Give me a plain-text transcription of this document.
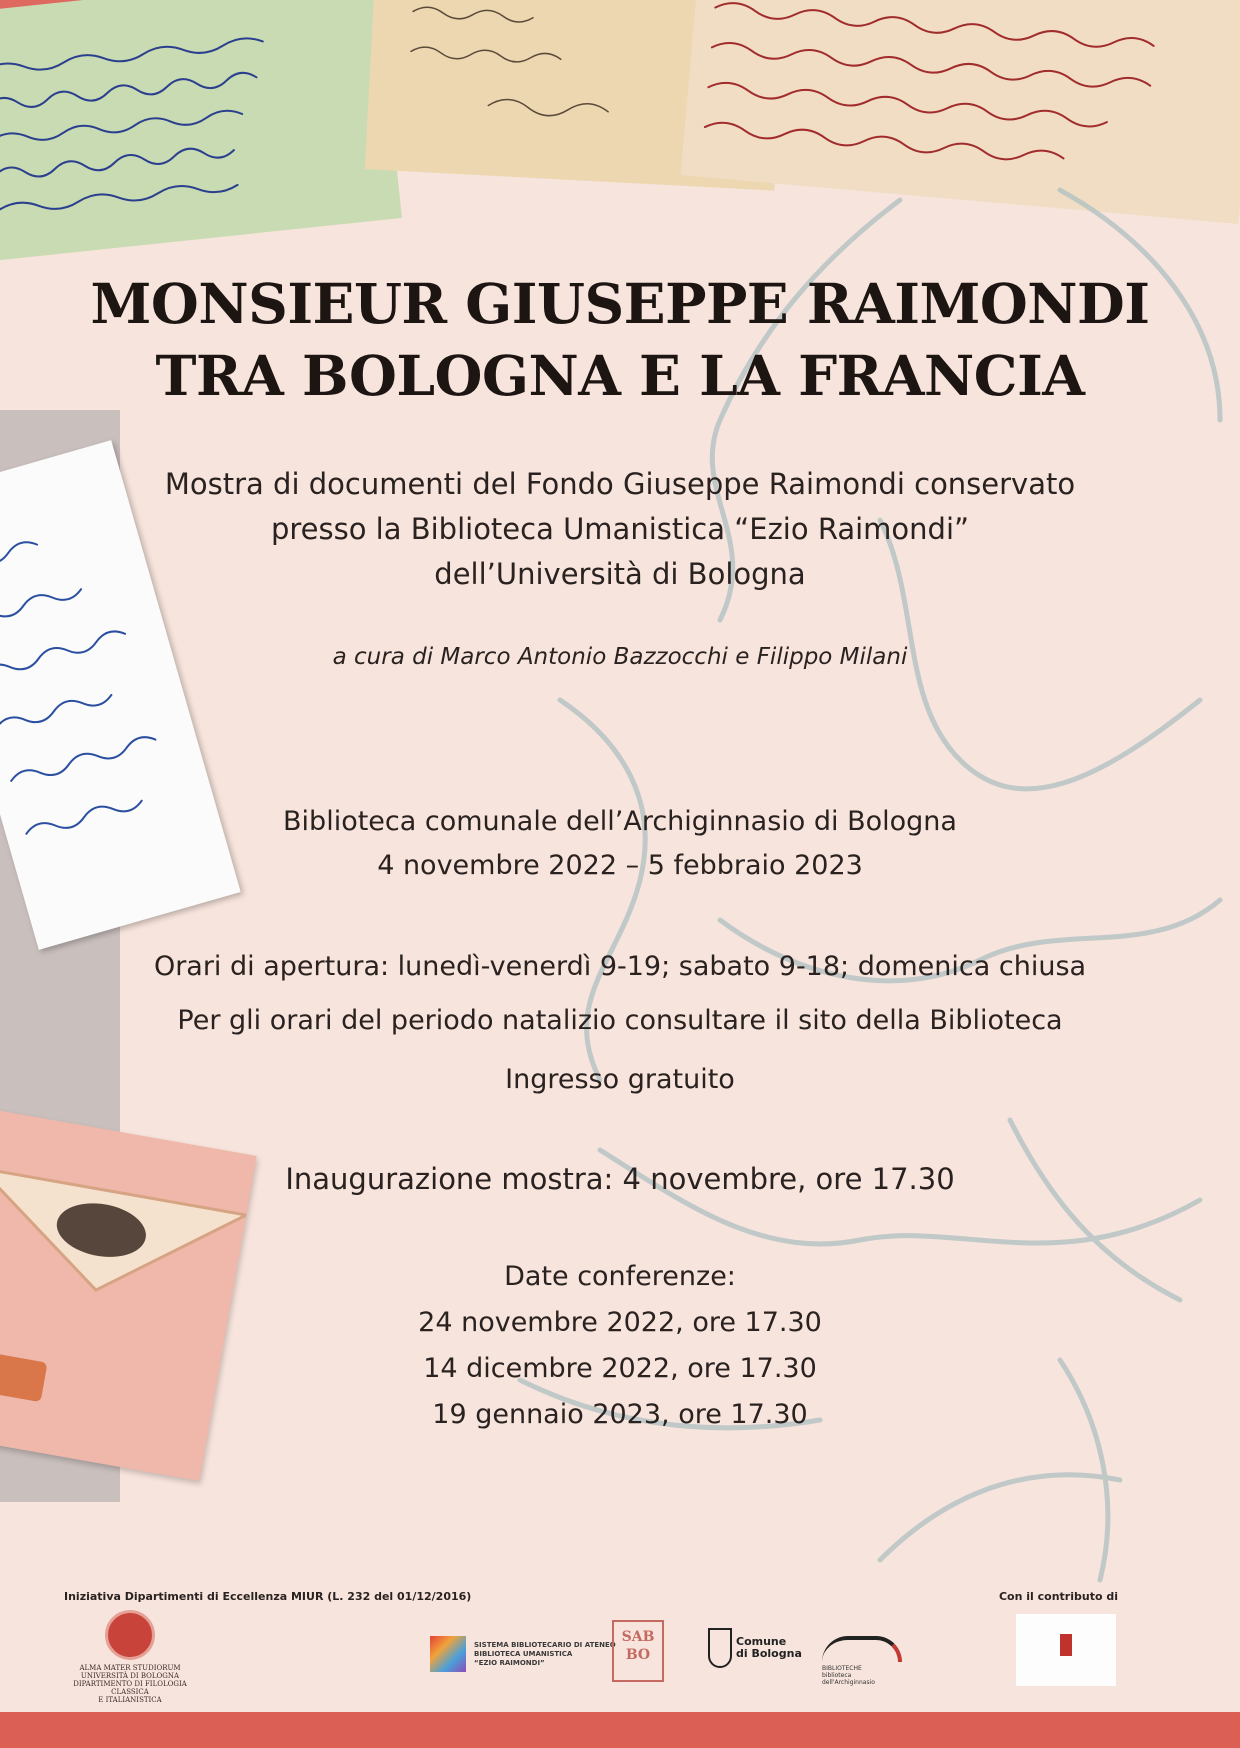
MONSIEUR GIUSEPPE RAIMONDI
TRA BOLOGNA E LA FRANCIA
Mostra di documenti del Fondo Giuseppe Raimondi conservato
presso la Biblioteca Umanistica “Ezio Raimondi”
dell’Università di Bologna
a cura di Marco Antonio Bazzocchi e Filippo Milani
Biblioteca comunale dell’Archiginnasio di Bologna
4 novembre 2022 – 5 febbraio 2023
Orari di apertura: lunedì-venerdì 9-19; sabato 9-18; domenica chiusa
Per gli orari del periodo natalizio consultare il sito della Biblioteca
Ingresso gratuito
Inaugurazione mostra: 4 novembre, ore 17.30
Date conferenze:
24 novembre 2022, ore 17.30
14 dicembre 2022, ore 17.30
19 gennaio 2023, ore 17.30
Iniziativa Dipartimenti di Eccellenza MIUR (L. 232 del 01/12/2016)	Con il contributo di
ALMA MATER STUDIORUM
UNIVERSITÀ DI BOLOGNA
DIPARTIMENTO DI FILOLOGIA CLASSICA
E ITALIANISTICA
SISTEMA BIBLIOTECARIO DI ATENEO
BIBLIOTECA UMANISTICA
“EZIO RAIMONDI”
SAB
BO
Comune
di Bologna
BIBLIOTECHE
biblioteca dell'Archiginnasio
